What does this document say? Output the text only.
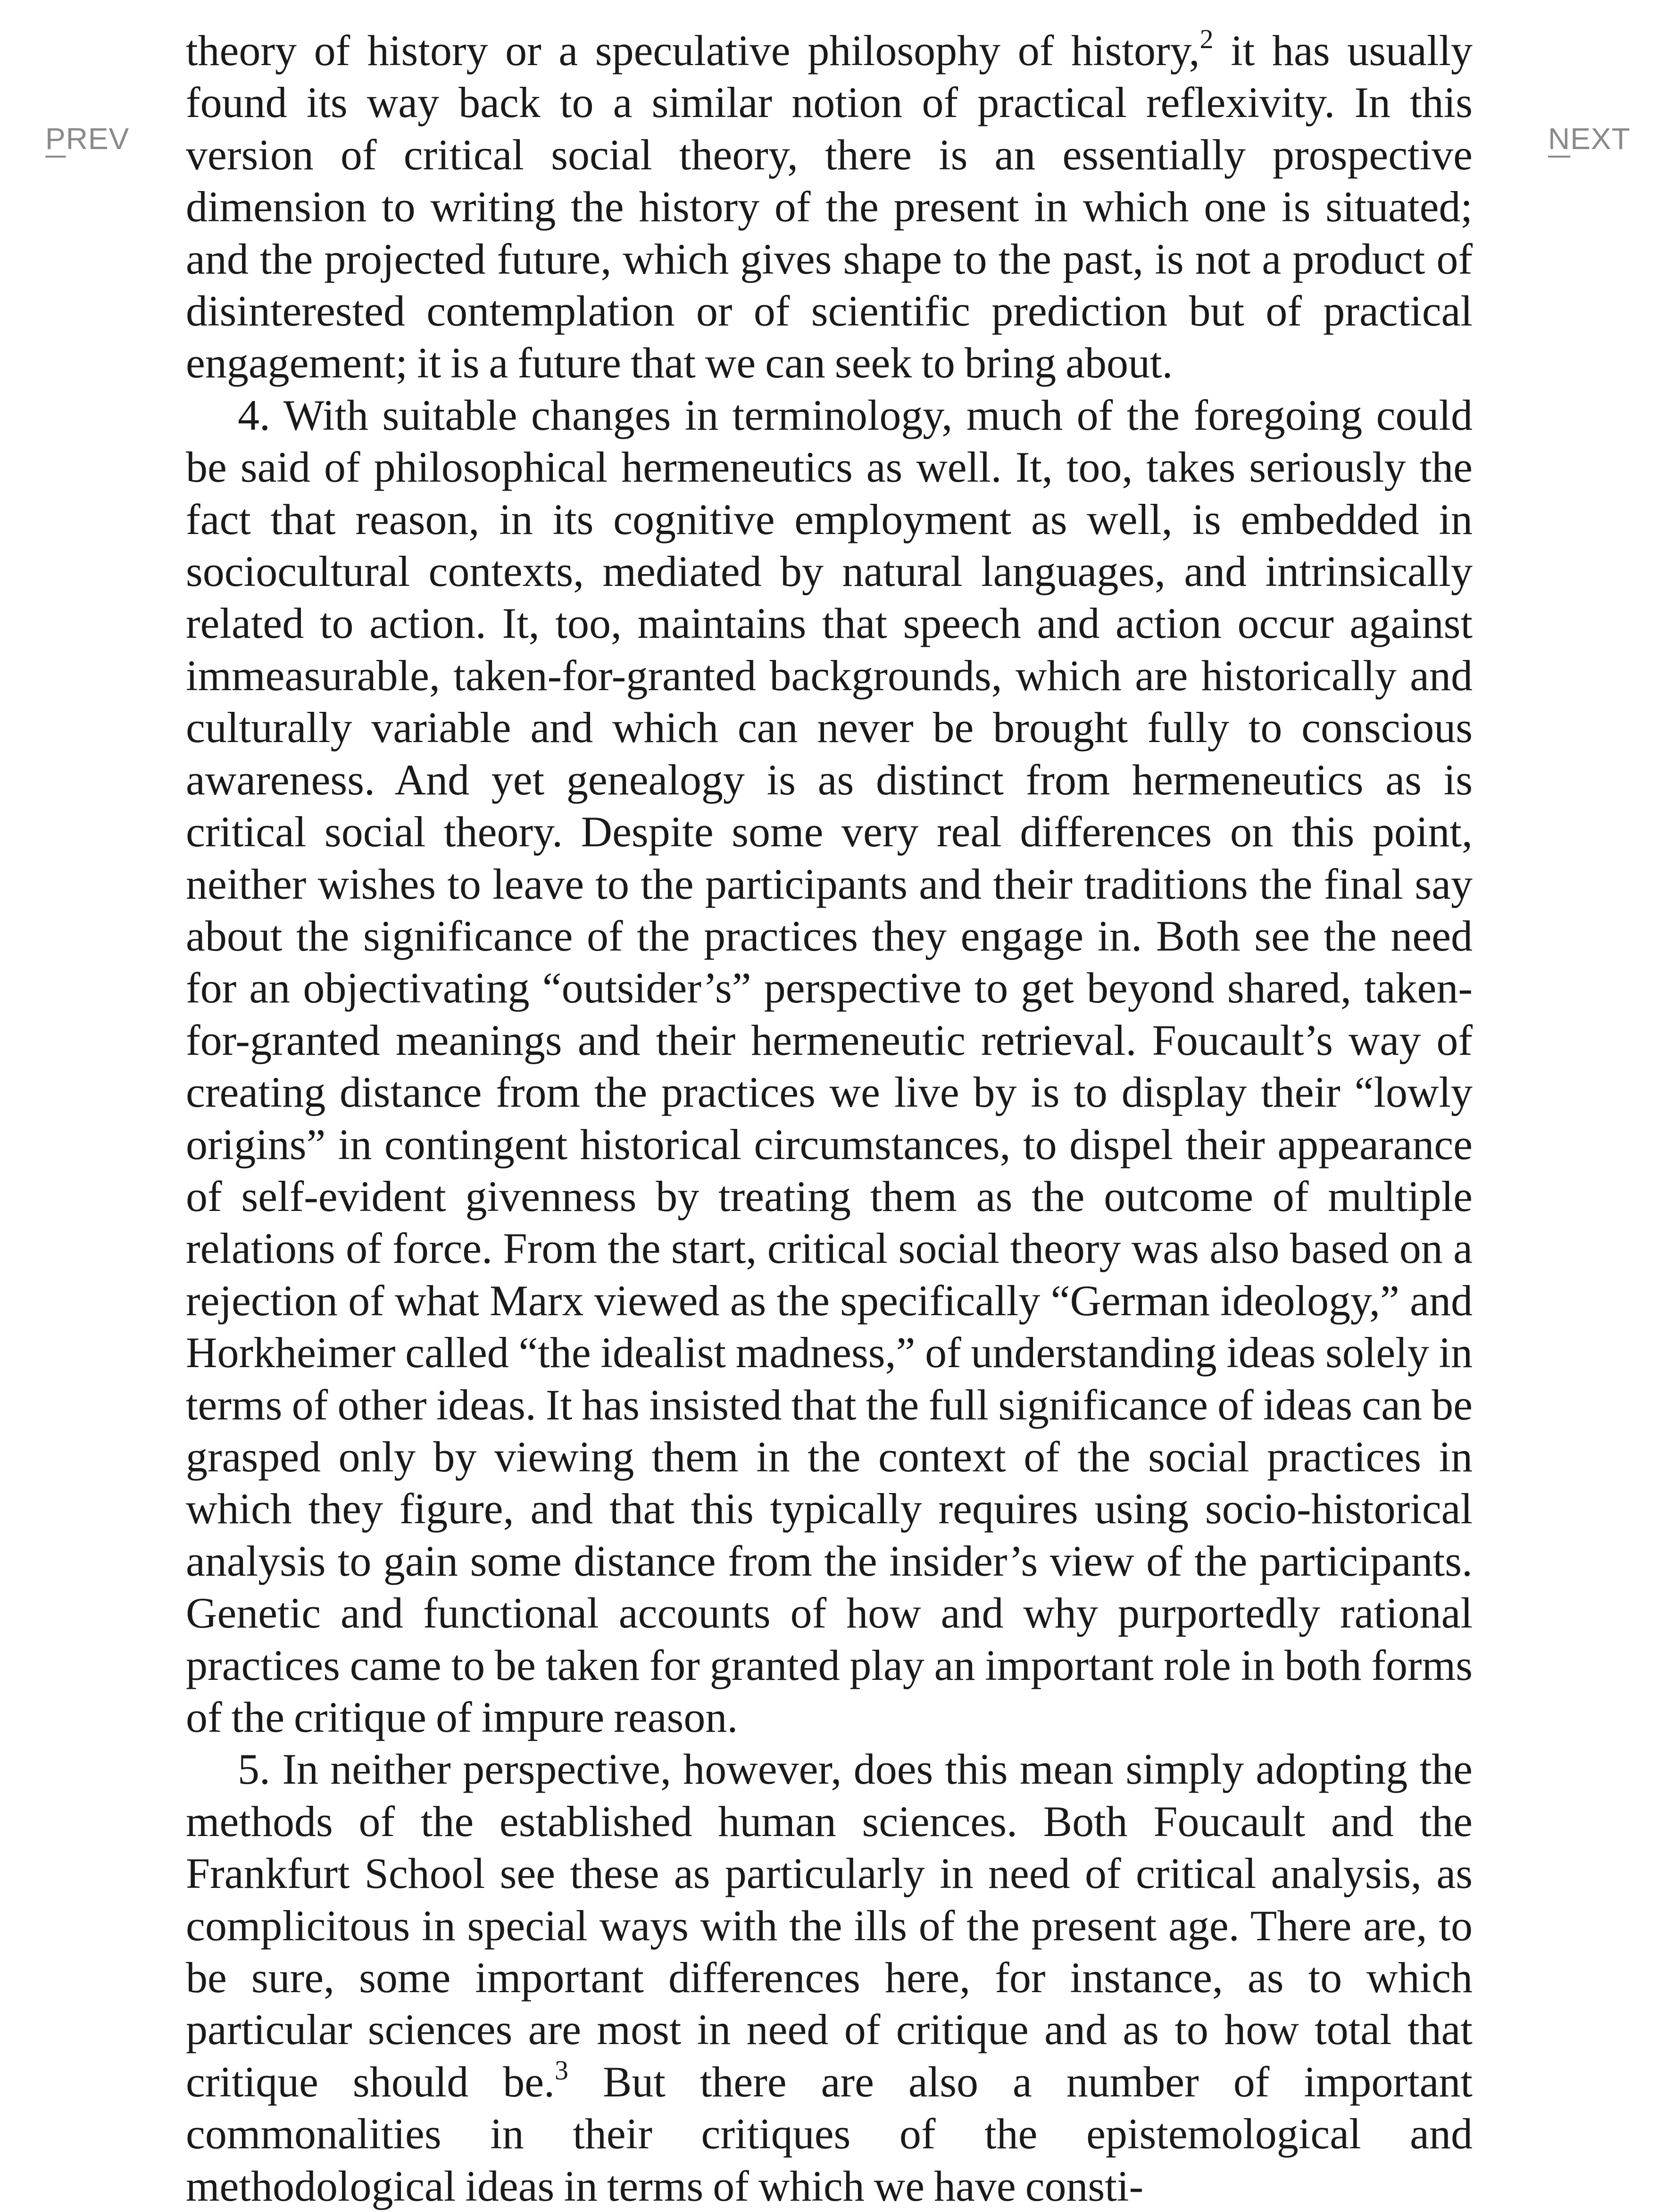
PREV	NEXT

theory of history or a speculative philosophy of history,$^2$ it has usually found its way back to a similar notion of practical reflexivity. In this version of critical social theory, there is an essentially prospective dimension to writing the history of the present in which one is situated; and the projected future, which gives shape to the past, is not a product of disinterested contemplation or of scientific prediction but of practical engagement; it is a future that we can seek to bring about.

4. With suitable changes in terminology, much of the foregoing could be said of philosophical hermeneutics as well. It, too, takes seriously the fact that reason, in its cognitive employment as well, is embedded in sociocultural contexts, mediated by natural languages, and intrinsically related to action. It, too, maintains that speech and action occur against immeasurable, taken-for-granted backgrounds, which are historically and culturally variable and which can never be brought fully to conscious awareness. And yet genealogy is as distinct from hermeneutics as is critical social theory. Despite some very real differences on this point, neither wishes to leave to the participants and their traditions the final say about the significance of the practices they engage in. Both see the need for an objectivating “outsider’s” perspective to get beyond shared, taken-for-granted meanings and their hermeneutic retrieval. Foucault’s way of creating distance from the practices we live by is to display their “lowly origins” in contingent historical circumstances, to dispel their appearance of self-evident givenness by treating them as the outcome of multiple relations of force. From the start, critical social theory was also based on a rejection of what Marx viewed as the specifically “German ideology,” and Horkheimer called “the idealist madness,” of understanding ideas solely in terms of other ideas. It has insisted that the full significance of ideas can be grasped only by viewing them in the context of the social practices in which they figure, and that this typically requires using socio-historical analysis to gain some distance from the insider’s view of the participants. Genetic and functional accounts of how and why purportedly rational practices came to be taken for granted play an important role in both forms of the critique of impure reason.

5. In neither perspective, however, does this mean simply adopting the methods of the established human sciences. Both Foucault and the Frankfurt School see these as particularly in need of critical analysis, as complicitous in special ways with the ills of the present age. There are, to be sure, some important differences here, for instance, as to which particular sciences are most in need of critique and as to how total that critique should be.$^3$ But there are also a number of important commonalities in their critiques of the epistemological and methodological ideas in terms of which we have consti-
